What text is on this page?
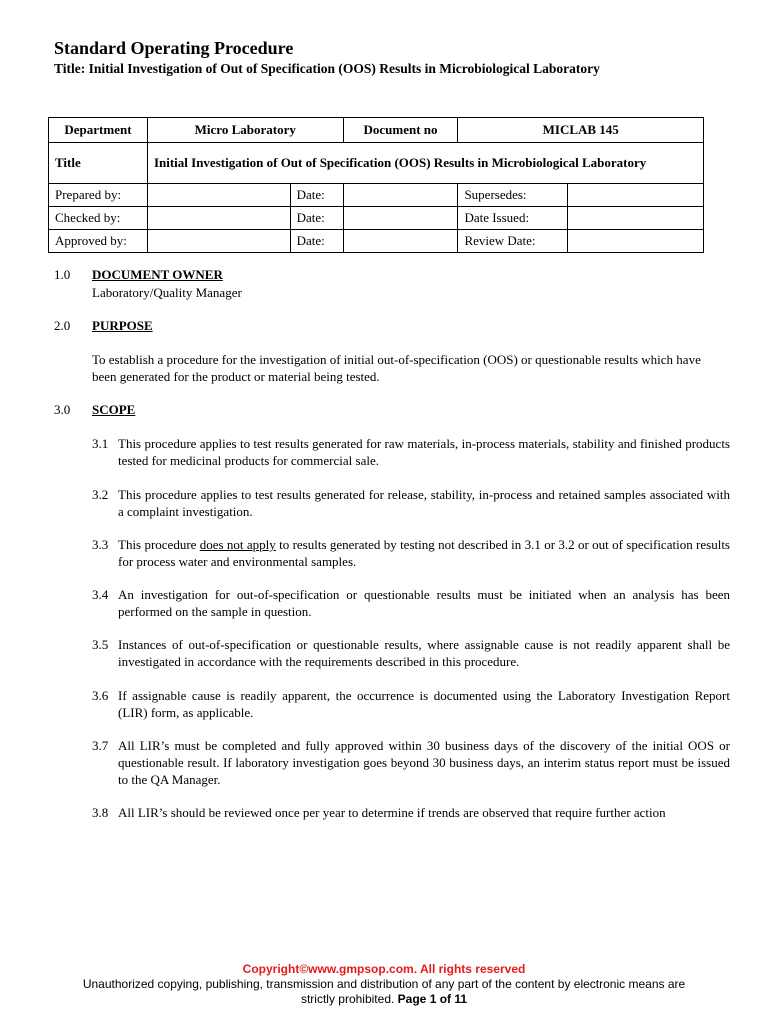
Standard Operating Procedure
Title: Initial Investigation of Out of Specification (OOS) Results in Microbiological Laboratory
Department	Micro Laboratory		Document no	MICLAB 145	
Title	Initial Investigation of Out of Specification (OOS) Results in Microbiological Laboratory				
Prepared by:		Date:		Supersedes:	
Checked by:		Date:		Date Issued:	
Approved by:		Date:		Review Date:	
1.0 DOCUMENT OWNER
Laboratory/Quality Manager
2.0 PURPOSE
To establish a procedure for the investigation of initial out-of-specification (OOS) or questionable results which have been generated for the product or material being tested.
3.0 SCOPE
3.1 This procedure applies to test results generated for raw materials, in-process materials, stability and finished products tested for medicinal products for commercial sale.
3.2 This procedure applies to test results generated for release, stability, in-process and retained samples associated with a complaint investigation.
3.3 This procedure does not apply to results generated by testing not described in 3.1 or 3.2 or out of specification results for process water and environmental samples.
3.4 An investigation for out-of-specification or questionable results must be initiated when an analysis has been performed on the sample in question.
3.5 Instances of out-of-specification or questionable results, where assignable cause is not readily apparent shall be investigated in accordance with the requirements described in this procedure.
3.6 If assignable cause is readily apparent, the occurrence is documented using the Laboratory Investigation Report (LIR) form, as applicable.
3.7 All LIR’s must be completed and fully approved within 30 business days of the discovery of the initial OOS or questionable result. If laboratory investigation goes beyond 30 business days, an interim status report must be issued to the QA Manager.
3.8 All LIR’s should be reviewed once per year to determine if trends are observed that require further action
Copyright©www.gmpsop.com. All rights reserved
Unauthorized copying, publishing, transmission and distribution of any part of the content by electronic means are
strictly prohibited. Page 1 of 11
